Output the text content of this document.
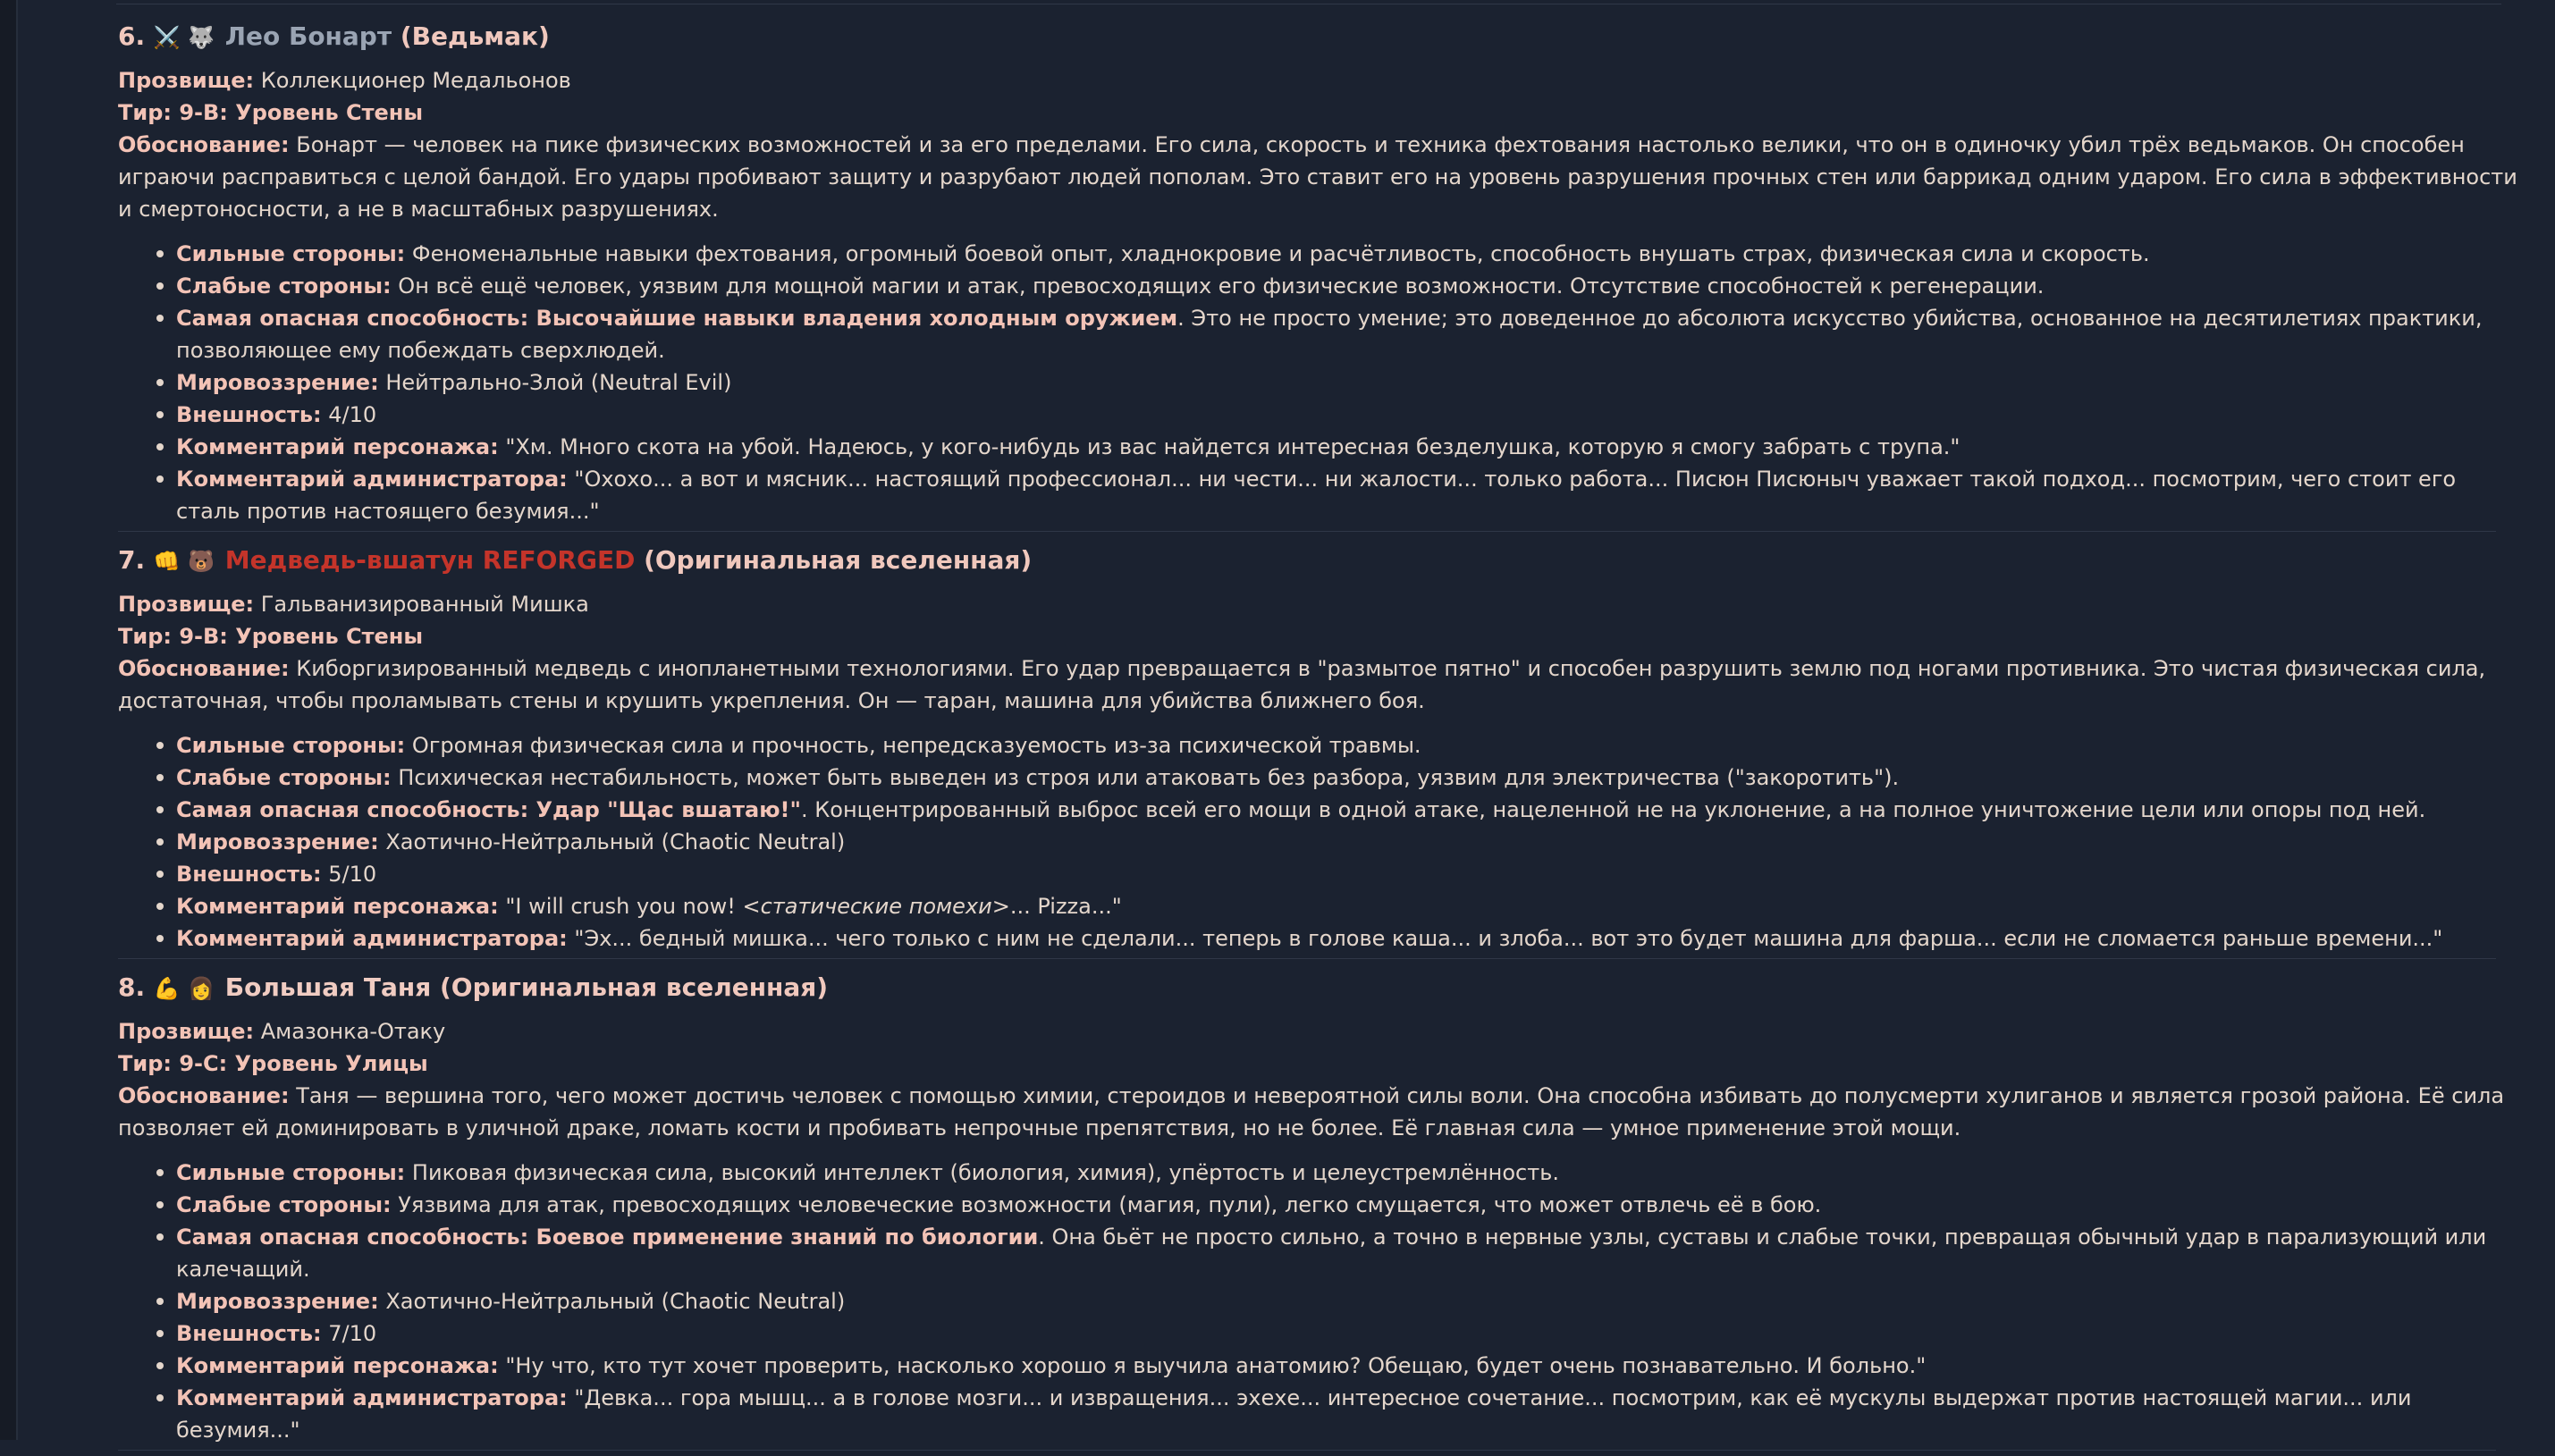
6. ⚔️ 🐺 Лео Бонарт (Ведьмак)

Прозвище: Коллекционер Медальонов

Тир: 9-B: Уровень Стены

Обоснование: Бонарт — человек на пике физических возможностей и за его пределами. Его сила, скорость и техника фехтования настолько велики, что он в одиночку убил трёх ведьмаков. Он способен играючи расправиться с целой бандой. Его удары пробивают защиту и разрубают людей пополам. Это ставит его на уровень разрушения прочных стен или баррикад одним ударом. Его сила в эффективности и смертоносности, а не в масштабных разрушениях.

Сильные стороны: Феноменальные навыки фехтования, огромный боевой опыт, хладнокровие и расчётливость, способность внушать страх, физическая сила и скорость.
Слабые стороны: Он всё ещё человек, уязвим для мощной магии и атак, превосходящих его физические возможности. Отсутствие способностей к регенерации.
Самая опасная способность: Высочайшие навыки владения холодным оружием. Это не просто умение; это доведенное до абсолюта искусство убийства, основанное на десятилетиях практики, позволяющее ему побеждать сверхлюдей.
Мировоззрение: Нейтрально-Злой (Neutral Evil)
Внешность: 4/10
Комментарий персонажа: "Хм. Много скота на убой. Надеюсь, у кого-нибудь из вас найдется интересная безделушка, которую я смогу забрать с трупа."
Комментарий администратора: "Охохо... а вот и мясник... настоящий профессионал... ни чести... ни жалости... только работа... Писюн Писюныч уважает такой подход... посмотрим, чего стоит его сталь против настоящего безумия..."
7. 👊 🐻 Медведь-вшатун REFORGED (Оригинальная вселенная)

Прозвище: Гальванизированный Мишка

Тир: 9-B: Уровень Стены

Обоснование: Киборгизированный медведь с инопланетными технологиями. Его удар превращается в "размытое пятно" и способен разрушить землю под ногами противника. Это чистая физическая сила, достаточная, чтобы проламывать стены и крушить укрепления. Он — таран, машина для убийства ближнего боя.

Сильные стороны: Огромная физическая сила и прочность, непредсказуемость из-за психической травмы.
Слабые стороны: Психическая нестабильность, может быть выведен из строя или атаковать без разбора, уязвим для электричества ("закоротить").
Самая опасная способность: Удар "Щас вшатаю!". Концентрированный выброс всей его мощи в одной атаке, нацеленной не на уклонение, а на полное уничтожение цели или опоры под ней.
Мировоззрение: Хаотично-Нейтральный (Chaotic Neutral)
Внешность: 5/10
Комментарий персонажа: "I will crush you now! <статические помехи>... Pizza..."
Комментарий администратора: "Эх... бедный мишка... чего только с ним не сделали... теперь в голове каша... и злоба... вот это будет машина для фарша... если не сломается раньше времени..."
8. 💪 👩 Большая Таня (Оригинальная вселенная)

Прозвище: Амазонка-Отаку

Тир: 9-C: Уровень Улицы

Обоснование: Таня — вершина того, чего может достичь человек с помощью химии, стероидов и невероятной силы воли. Она способна избивать до полусмерти хулиганов и является грозой района. Её сила позволяет ей доминировать в уличной драке, ломать кости и пробивать непрочные препятствия, но не более. Её главная сила — умное применение этой мощи.

Сильные стороны: Пиковая физическая сила, высокий интеллект (биология, химия), упёртость и целеустремлённость.
Слабые стороны: Уязвима для атак, превосходящих человеческие возможности (магия, пули), легко смущается, что может отвлечь её в бою.
Самая опасная способность: Боевое применение знаний по биологии. Она бьёт не просто сильно, а точно в нервные узлы, суставы и слабые точки, превращая обычный удар в парализующий или калечащий.
Мировоззрение: Хаотично-Нейтральный (Chaotic Neutral)
Внешность: 7/10
Комментарий персонажа: "Ну что, кто тут хочет проверить, насколько хорошо я выучила анатомию? Обещаю, будет очень познавательно. И больно."
Комментарий администратора: "Девка... гора мышц... а в голове мозги... и извращения... эхехе... интересное сочетание... посмотрим, как её мускулы выдержат против настоящей магии... или безумия..."
